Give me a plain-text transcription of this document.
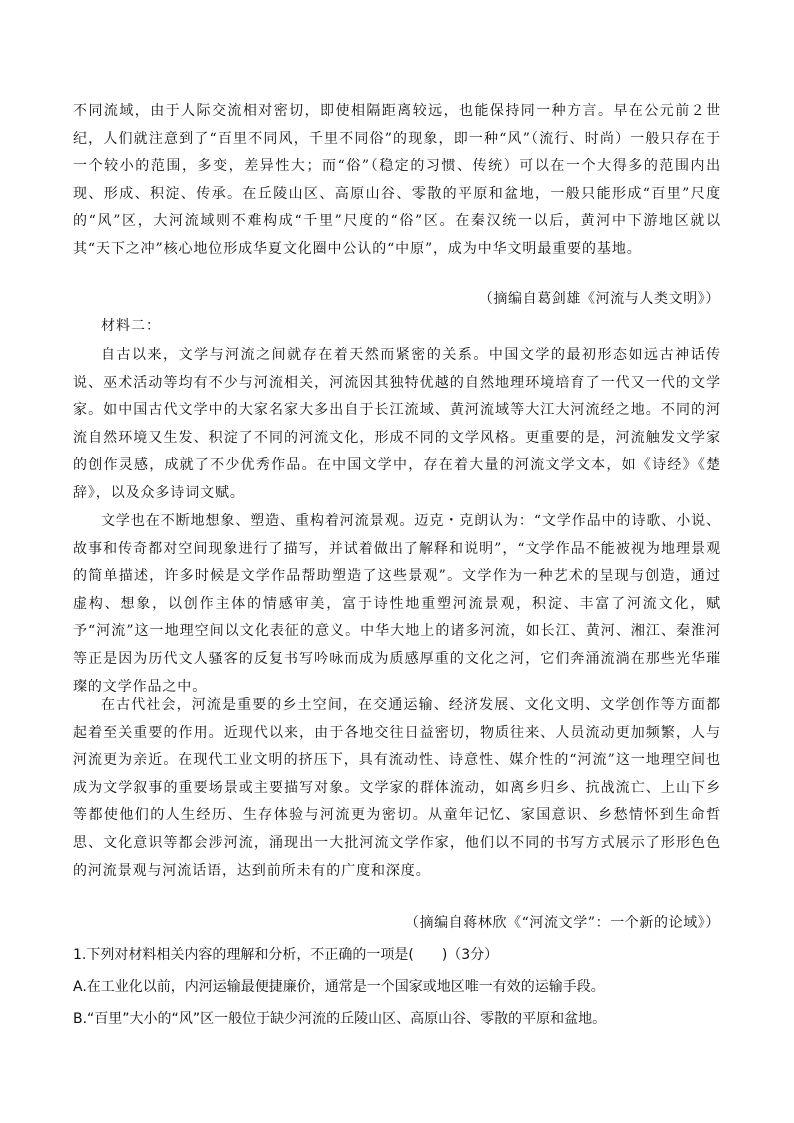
不同流域，由于人际交流相对密切，即使相隔距离较远，也能保持同一种方言。早在公元前２世纪，人们就注意到了“百里不同风，千里不同俗”的现象，即一种“风”（流行、时尚）一般只存在于一个较小的范围，多变，差异性大；而“俗”（稳定的习惯、传统）可以在一个大得多的范围内出现、形成、积淀、传承。在丘陵山区、高原山谷、零散的平原和盆地，一般只能形成“百里”尺度的“风”区，大河流域则不难构成“千里”尺度的“俗”区。在秦汉统一以后，黄河中下游地区就以其“天下之冲”核心地位形成华夏文化圈中公认的“中原”，成为中华文明最重要的基地。

（摘编自葛剑雄《河流与人类文明》）

材料二：

自古以来，文学与河流之间就存在着天然而紧密的关系。中国文学的最初形态如远古神话传说、巫术活动等均有不少与河流相关，河流因其独特优越的自然地理环境培育了一代又一代的文学家。如中国古代文学中的大家名家大多出自于长江流域、黄河流域等大江大河流经之地。不同的河流自然环境又生发、积淀了不同的河流文化，形成不同的文学风格。更重要的是，河流触发文学家的创作灵感，成就了不少优秀作品。在中国文学中，存在着大量的河流文学文本，如《诗经》《楚辞》，以及众多诗词文赋。

文学也在不断地想象、塑造、重构着河流景观。迈克・克朗认为：“文学作品中的诗歌、小说、故事和传奇都对空间现象进行了描写，并试着做出了解释和说明”，“文学作品不能被视为地理景观的简单描述，许多时候是文学作品帮助塑造了这些景观”。文学作为一种艺术的呈现与创造，通过虚构、想象，以创作主体的情感审美，富于诗性地重塑河流景观，积淀、丰富了河流文化，赋予“河流”这一地理空间以文化表征的意义。中华大地上的诸多河流，如长江、黄河、湘江、秦淮河等正是因为历代文人骚客的反复书写吟咏而成为质感厚重的文化之河，它们奔涌流淌在那些光华璀璨的文学作品之中。

在古代社会，河流是重要的乡土空间，在交通运输、经济发展、文化文明、文学创作等方面都起着至关重要的作用。近现代以来，由于各地交往日益密切，物质往来、人员流动更加频繁，人与河流更为亲近。在现代工业文明的挤压下，具有流动性、诗意性、媒介性的“河流”这一地理空间也成为文学叙事的重要场景或主要描写对象。文学家的群体流动，如离乡归乡、抗战流亡、上山下乡等都使他们的人生经历、生存体验与河流更为密切。从童年记忆、家国意识、乡愁情怀到生命哲思、文化意识等都会涉河流，涌现出一大批河流文学作家，他们以不同的书写方式展示了形形色色的河流景观与河流话语，达到前所未有的广度和深度。

（摘编自蒋林欣《“河流文学”：一个新的论域》）

1.下列对材料相关内容的理解和分析，不正确的一项是(　　)（3分）

A.在工业化以前，内河运输最便捷廉价，通常是一个国家或地区唯一有效的运输手段。

B.“百里”大小的“风”区一般位于缺少河流的丘陵山区、高原山谷、零散的平原和盆地。
